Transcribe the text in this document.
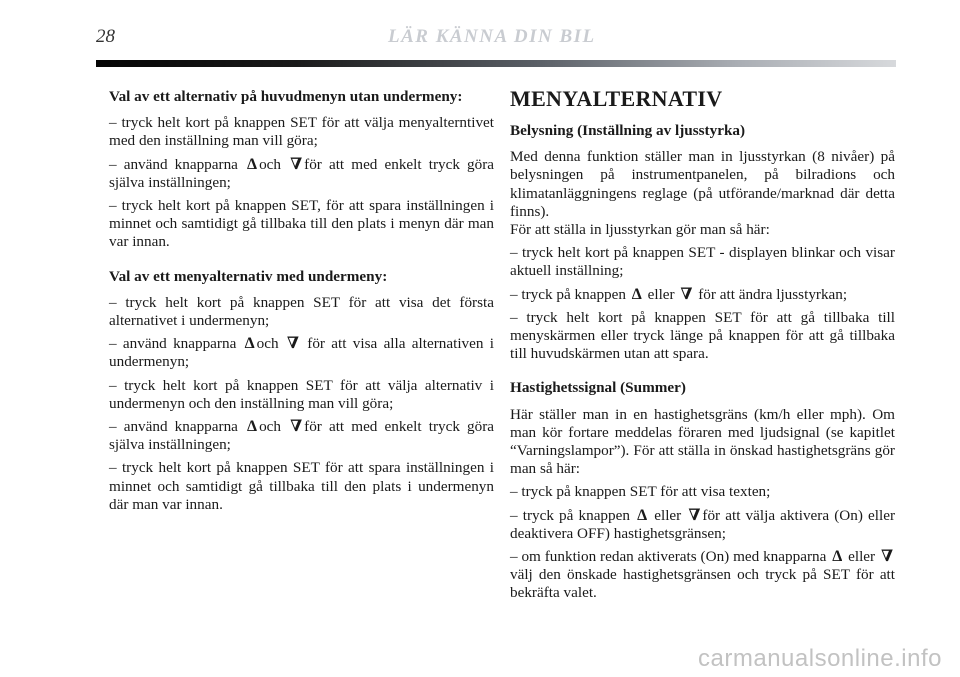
28	LÄR KÄNNA DIN BIL
Val av ett alternativ på huvudmenyn utan undermeny:

– tryck helt kort på knappen SET för att välja menyalterntivet med den inställning man vill göra;

– använd knapparna Δ och ∇ för att med enkelt tryck göra själva inställningen;

– tryck helt kort på knappen SET, för att spara inställningen i minnet och samtidigt gå tillbaka till den plats i menyn där man var innan.

Val av ett menyalternativ med undermeny:

– tryck helt kort på knappen SET för att visa det första alternativet i undermenyn;

– använd knapparna Δ och ∇ för att visa alla alternativen i undermenyn;

– tryck helt kort på knappen SET för att välja alternativ i undermenyn och den inställning man vill göra;

– använd knapparna Δ och ∇ för att med enkelt tryck göra själva inställningen;

– tryck helt kort på knappen SET för att spara inställningen i minnet och samtidigt gå tillbaka till den plats i undermenyn där man var innan.

MENYALTERNATIV
Belysning (Inställning av ljusstyrka)

Med denna funktion ställer man in ljusstyrkan (8 nivåer) på belysningen på instrumentpanelen, på bilradions och klimatanläggningens reglage (på utförande/marknad där detta finns).

För att ställa in ljusstyrkan gör man så här:

– tryck helt kort på knappen SET - displayen blinkar och visar aktuell inställning;

– tryck på knappen Δ eller ∇ för att ändra ljusstyrkan;

– tryck helt kort på knappen SET för att gå tillbaka till menyskärmen eller tryck länge på knappen för att gå tillbaka till huvudskärmen utan att spara.

Hastighetssignal (Summer)

Här ställer man in en hastighetsgräns (km/h eller mph). Om man kör fortare meddelas föraren med ljudsignal (se kapitlet “Varningslampor”). För att ställa in önskad hastighetsgräns gör man så här:

– tryck på knappen SET för att visa texten;

– tryck på knappen Δ eller ∇ för att välja aktivera (On) eller deaktivera OFF) hastighetsgränsen;

– om funktion redan aktiverats (On) med knapparna Δ eller ∇ välj den önskade hastighetsgränsen och tryck på SET för att bekräfta valet.

carmanualsonline.info
